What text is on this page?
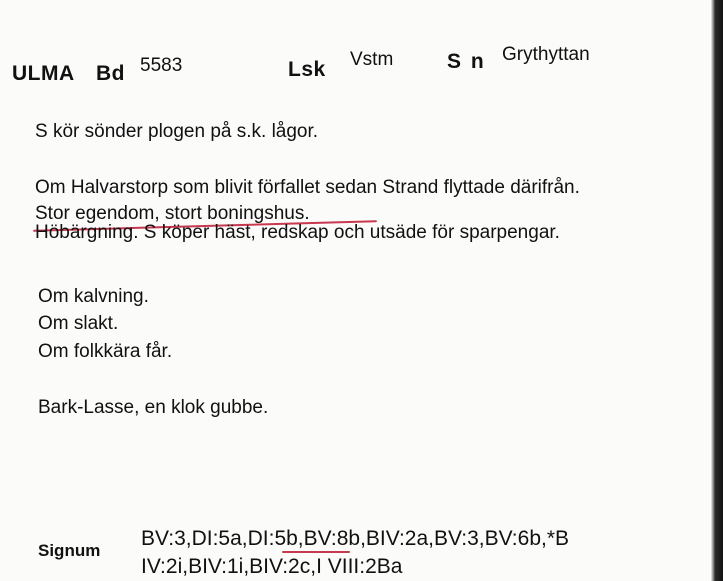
ULMA Bd 5583	Lsk Vstm	S n Grythyttan
S kör sönder plogen på s.k. lågor.
Om Halvarstorp som blivit förfallet sedan Strand flyttade därifrån.
Stor egendom, stort boningshus.
Höbärgning. S köper häst, redskap och utsäde för sparpengar.
Om kalvning.
Om slakt.
Om folkkära får.
Bark-Lasse, en klok gubbe.
Signum
BV:3,DI:5a,DI:5b,BV:8b,BIV:2a,BV:3,BV:6b,*B
IV:2i,BIV:1i,BIV:2c,I VIII:2Ba
